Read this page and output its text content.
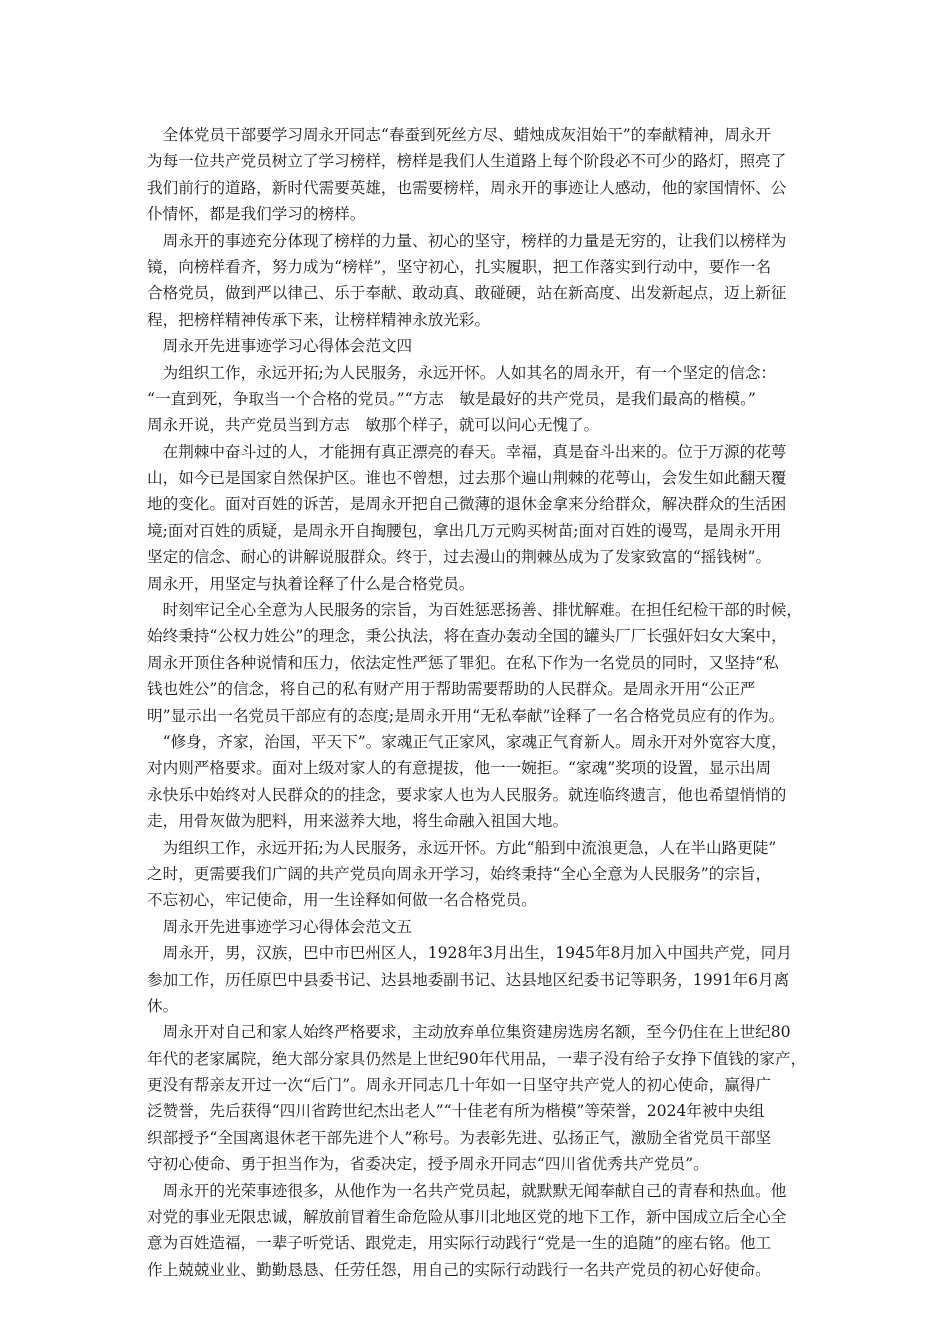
　全体党员干部要学习周永开同志“春蚕到死丝方尽、蜡烛成灰泪始干”的奉献精神，周永开
为每一位共产党员树立了学习榜样，榜样是我们人生道路上每个阶段必不可少的路灯，照亮了
我们前行的道路，新时代需要英雄，也需要榜样，周永开的事迹让人感动，他的家国情怀、公
仆情怀，都是我们学习的榜样。
　周永开的事迹充分体现了榜样的力量、初心的坚守，榜样的力量是无穷的，让我们以榜样为
镜，向榜样看齐，努力成为“榜样”，坚守初心，扎实履职，把工作落实到行动中，要作一名
合格党员，做到严以律己、乐于奉献、敢动真、敢碰硬，站在新高度、出发新起点，迈上新征
程，把榜样精神传承下来，让榜样精神永放光彩。
　周永开先进事迹学习心得体会范文四
　为组织工作，永远开拓;为人民服务，永远开怀。人如其名的周永开，有一个坚定的信念：
“一直到死，争取当一个合格的党员。”“方志　敏是最好的共产党员，是我们最高的楷模。”
周永开说，共产党员当到方志　敏那个样子，就可以问心无愧了。
　在荆棘中奋斗过的人，才能拥有真正漂亮的春天。幸福，真是奋斗出来的。位于万源的花萼
山，如今已是国家自然保护区。谁也不曾想，过去那个遍山荆棘的花萼山，会发生如此翻天覆
地的变化。面对百姓的诉苦，是周永开把自己微薄的退休金拿来分给群众，解决群众的生活困
境;面对百姓的质疑，是周永开自掏腰包，拿出几万元购买树苗;面对百姓的谩骂，是周永开用
坚定的信念、耐心的讲解说服群众。终于，过去漫山的荆棘丛成为了发家致富的“摇钱树”。
周永开，用坚定与执着诠释了什么是合格党员。
　时刻牢记全心全意为人民服务的宗旨，为百姓惩恶扬善、排忧解难。在担任纪检干部的时候，
始终秉持“公权力姓公”的理念，秉公执法，将在查办轰动全国的罐头厂厂长强奸妇女大案中，
周永开顶住各种说情和压力，依法定性严惩了罪犯。在私下作为一名党员的同时，又坚持“私
钱也姓公”的信念，将自己的私有财产用于帮助需要帮助的人民群众。是周永开用“公正严
明”显示出一名党员干部应有的态度;是周永开用“无私奉献”诠释了一名合格党员应有的作为。
　“修身，齐家，治国，平天下”。家魂正气正家风，家魂正气育新人。周永开对外宽容大度，
对内则严格要求。面对上级对家人的有意提拔，他一一婉拒。“家魂”奖项的设置，显示出周
永快乐中始终对人民群众的的挂念，要求家人也为人民服务。就连临终遗言，他也希望悄悄的
走，用骨灰做为肥料，用来滋养大地，将生命融入祖国大地。
　为组织工作，永远开拓;为人民服务，永远开怀。方此“船到中流浪更急，人在半山路更陡”
之时，更需要我们广阔的共产党员向周永开学习，始终秉持“全心全意为人民服务”的宗旨，
不忘初心，牢记使命，用一生诠释如何做一名合格党员。
　周永开先进事迹学习心得体会范文五
　周永开，男，汉族，巴中市巴州区人，1928年3月出生，1945年8月加入中国共产党，同月
参加工作，历任原巴中县委书记、达县地委副书记、达县地区纪委书记等职务，1991年6月离
休。
　周永开对自己和家人始终严格要求，主动放弃单位集资建房选房名额，至今仍住在上世纪80
年代的老家属院，绝大部分家具仍然是上世纪90年代用品，一辈子没有给子女挣下值钱的家产，
更没有帮亲友开过一次“后门”。周永开同志几十年如一日坚守共产党人的初心使命，赢得广
泛赞誉，先后获得“四川省跨世纪杰出老人”“十佳老有所为楷模”等荣誉，2024年被中央组
织部授予“全国离退休老干部先进个人”称号。为表彰先进、弘扬正气，激励全省党员干部坚
守初心使命、勇于担当作为，省委决定，授予周永开同志“四川省优秀共产党员”。
　周永开的光荣事迹很多，从他作为一名共产党员起，就默默无闻奉献自己的青春和热血。他
对党的事业无限忠诚，解放前冒着生命危险从事川北地区党的地下工作，新中国成立后全心全
意为百姓造福，一辈子听党话、跟党走，用实际行动践行“党是一生的追随”的座右铭。他工
作上兢兢业业、勤勤恳恳、任劳任怨，用自己的实际行动践行一名共产党员的初心好使命。
